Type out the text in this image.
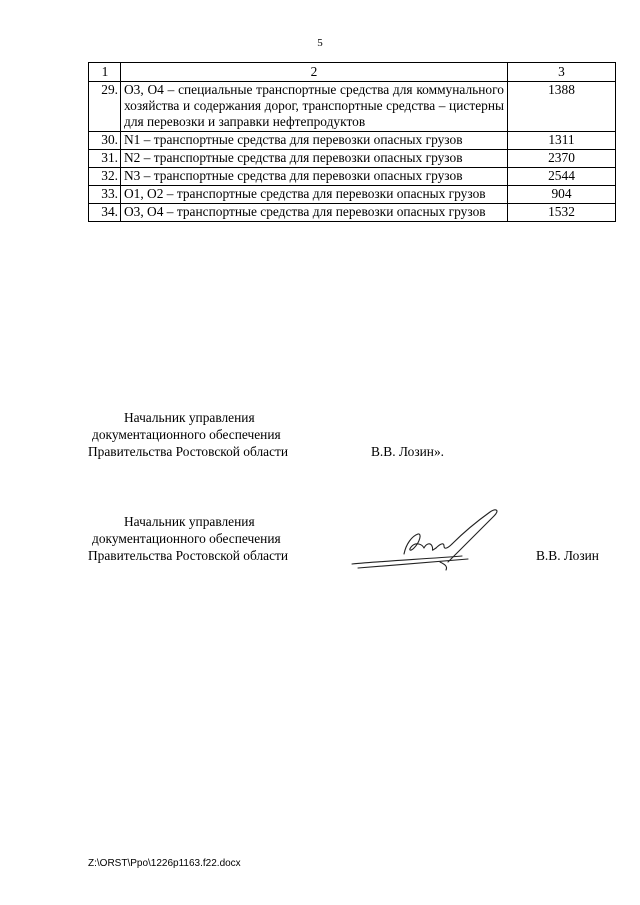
5
1	2	3
29.	О3, О4 – специальные транспортные средства для коммунального хозяйства и содержания дорог, транспортные средства – цистерны для перевозки и заправки нефтепродуктов	1388
30.	N1 – транспортные средства для перевозки опасных грузов	1311
31.	N2 – транспортные средства для перевозки опасных грузов	2370
32.	N3 – транспортные средства для перевозки опасных грузов	2544
33.	О1, О2 – транспортные средства для перевозки опасных грузов	904
34.	О3, О4 – транспортные средства для перевозки опасных грузов	1532
Начальник управления
документационного обеспечения
Правительства Ростовской области	В.В. Лозин».
Начальник управления
документационного обеспечения
Правительства Ростовской области	В.В. Лозин
Z:\ORST\Ppo\1226p1163.f22.docx
